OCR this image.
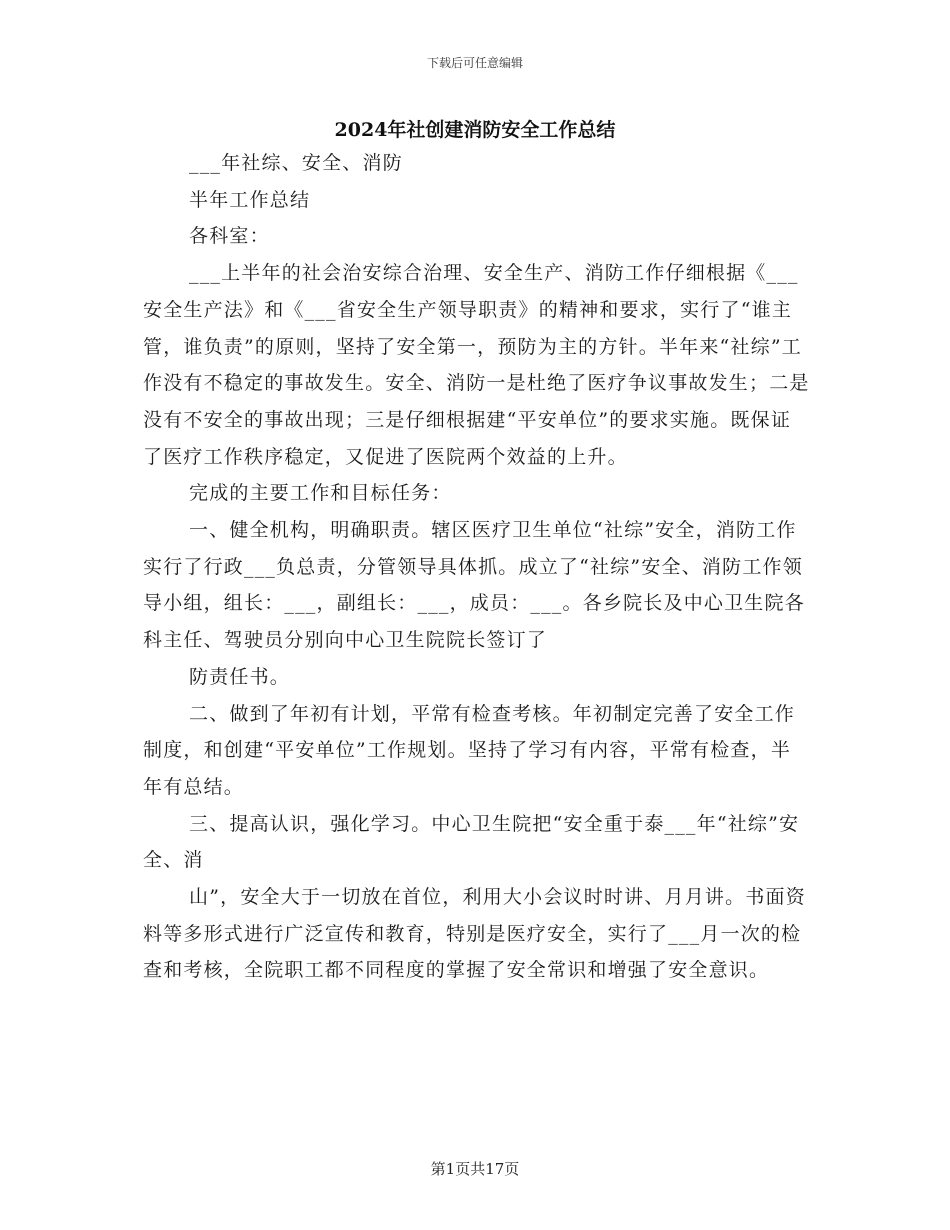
下载后可任意编辑
2024年社创建消防安全工作总结

___年社综、安全、消防

半年工作总结

各科室：

___上半年的社会治安综合治理、安全生产、消防工作仔细根据《___安全生产法》和《___省安全生产领导职责》的精神和要求，实行了“谁主管，谁负责”的原则，坚持了安全第一，预防为主的方针。半年来“社综”工作没有不稳定的事故发生。安全、消防一是杜绝了医疗争议事故发生；二是没有不安全的事故出现；三是仔细根据建“平安单位”的要求实施。既保证了医疗工作秩序稳定，又促进了医院两个效益的上升。

完成的主要工作和目标任务：

一、健全机构，明确职责。辖区医疗卫生单位“社综”安全，消防工作实行了行政___负总责，分管领导具体抓。成立了“社综”安全、消防工作领导小组，组长：___，副组长：___，成员：___。各乡院长及中心卫生院各科主任、驾驶员分别向中心卫生院院长签订了

防责任书。

二、做到了年初有计划，平常有检查考核。年初制定完善了安全工作制度，和创建“平安单位”工作规划。坚持了学习有内容，平常有检查，半年有总结。

三、提高认识，强化学习。中心卫生院把“安全重于泰___年“社综”安全、消

山”，安全大于一切放在首位，利用大小会议时时讲、月月讲。书面资料等多形式进行广泛宣传和教育，特别是医疗安全，实行了___月一次的检查和考核，全院职工都不同程度的掌握了安全常识和增强了安全意识。

第1页共17页
